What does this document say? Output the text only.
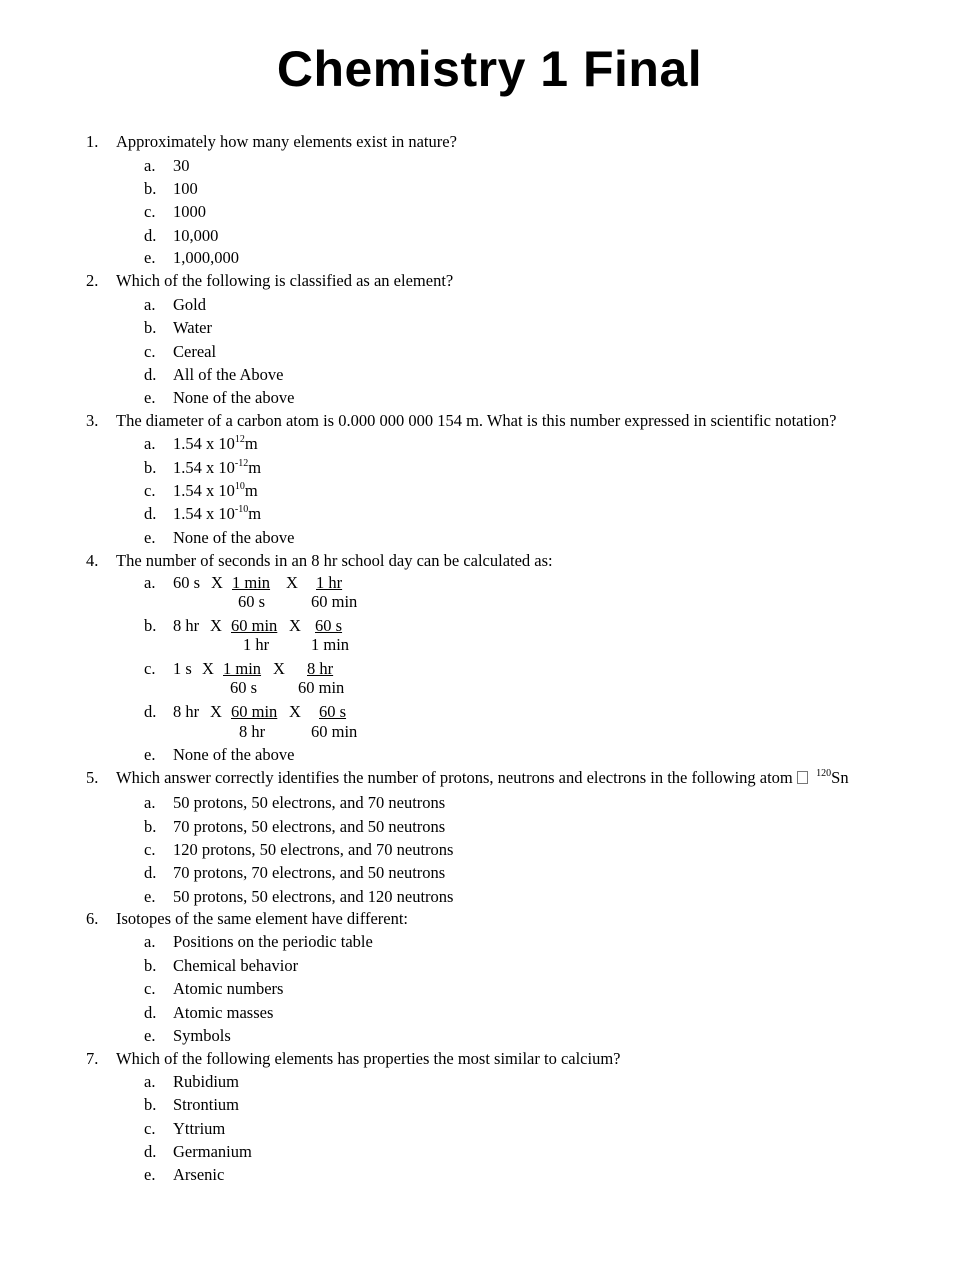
Chemistry 1 Final
1. Approximately how many elements exist in nature?
a. 30
b. 100
c. 1000
d. 10,000
e. 1,000,000
2. Which of the following is classified as an element?
a. Gold
b. Water
c. Cereal
d. All of the Above
e. None of the above
3. The diameter of a carbon atom is 0.000 000 000 154 m. What is this number expressed in scientific notation?
a. 1.54 x $10^{12}m$
b. 1.54 x $10^{-12}m$
c. 1.54 x $10^{10}m$
d. 1.54 x $10^{-10}m$
e. None of the above
4. The number of seconds in an 8 hr school day can be calculated as:
a. 60 s X 1 min X 1 hr
60 s	60 min
b. 8 hr X 60 min X 60 s
1 hr	1 min
c. 1 s X 1 min X 8 hr
60 s 60 min
d. 8 hr X 60 min X 60 s
8 hr	60 min
e. None of the above
5. Which answer correctly identifies the number of protons, neutrons and electrons in the following atom $^{120}$Sn
a. 50 protons, 50 electrons, and 70 neutrons
b. 70 protons, 50 electrons, and 50 neutrons
c. 120 protons, 50 electrons, and 70 neutrons
d. 70 protons, 70 electrons, and 50 neutrons
e. 50 protons, 50 electrons, and 120 neutrons
6. Isotopes of the same element have different:
a. Positions on the periodic table
b. Chemical behavior
c. Atomic numbers
d. Atomic masses
e. Symbols
7. Which of the following elements has properties the most similar to calcium?
a. Rubidium
b. Strontium
c. Yttrium
d. Germanium
e. Arsenic
